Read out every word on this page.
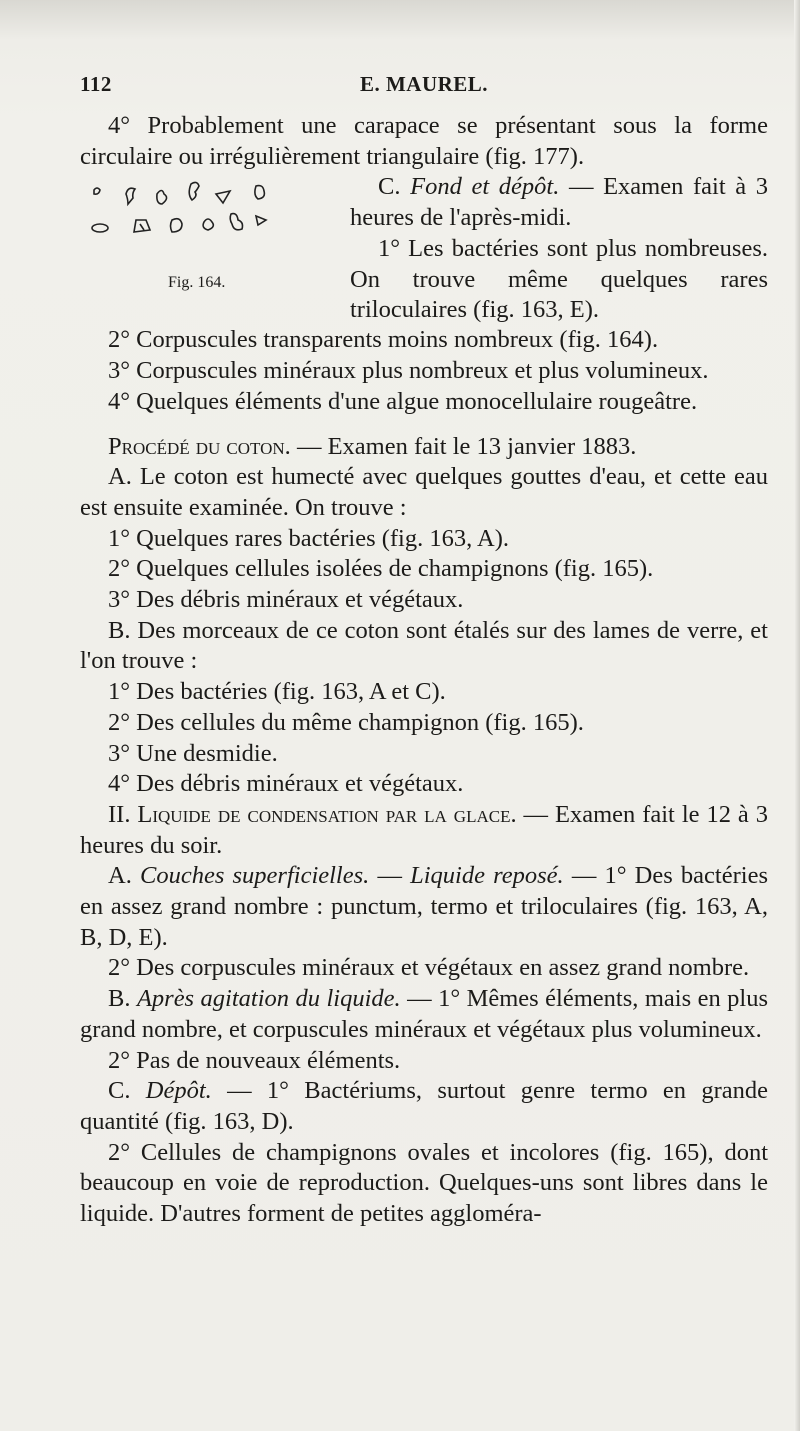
112	E. MAUREL.

4° Probablement une carapace se présentant sous la forme circulaire ou irrégulièrement triangulaire (fig. 177).

Fig. 164.

C. Fond et dépôt. — Examen fait à 3 heures de l'après-midi.

1° Les bactéries sont plus nombreuses. On trouve même quelques rares triloculaires (fig. 163, E).

2° Corpuscules transparents moins nombreux (fig. 164).

3° Corpuscules minéraux plus nombreux et plus volumineux.

4° Quelques éléments d'une algue monocellulaire rougeâtre.

Procédé du coton. — Examen fait le 13 janvier 1883.

A. Le coton est humecté avec quelques gouttes d'eau, et cette eau est ensuite examinée. On trouve :

1° Quelques rares bactéries (fig. 163, A).

2° Quelques cellules isolées de champignons (fig. 165).

3° Des débris minéraux et végétaux.

B. Des morceaux de ce coton sont étalés sur des lames de verre, et l'on trouve :

1° Des bactéries (fig. 163, A et C).

2° Des cellules du même champignon (fig. 165).

3° Une desmidie.

4° Des débris minéraux et végétaux.

II. Liquide de condensation par la glace. — Examen fait le 12 à 3 heures du soir.

A. Couches superficielles. — Liquide reposé. — 1° Des bactéries en assez grand nombre : punctum, termo et triloculaires (fig. 163, A, B, D, E).

2° Des corpuscules minéraux et végétaux en assez grand nombre.

B. Après agitation du liquide. — 1° Mêmes éléments, mais en plus grand nombre, et corpuscules minéraux et végétaux plus volumineux.

2° Pas de nouveaux éléments.

C. Dépôt. — 1° Bactériums, surtout genre termo en grande quantité (fig. 163, D).

2° Cellules de champignons ovales et incolores (fig. 165), dont beaucoup en voie de reproduction. Quelques-uns sont libres dans le liquide. D'autres forment de petites aggloméra-
